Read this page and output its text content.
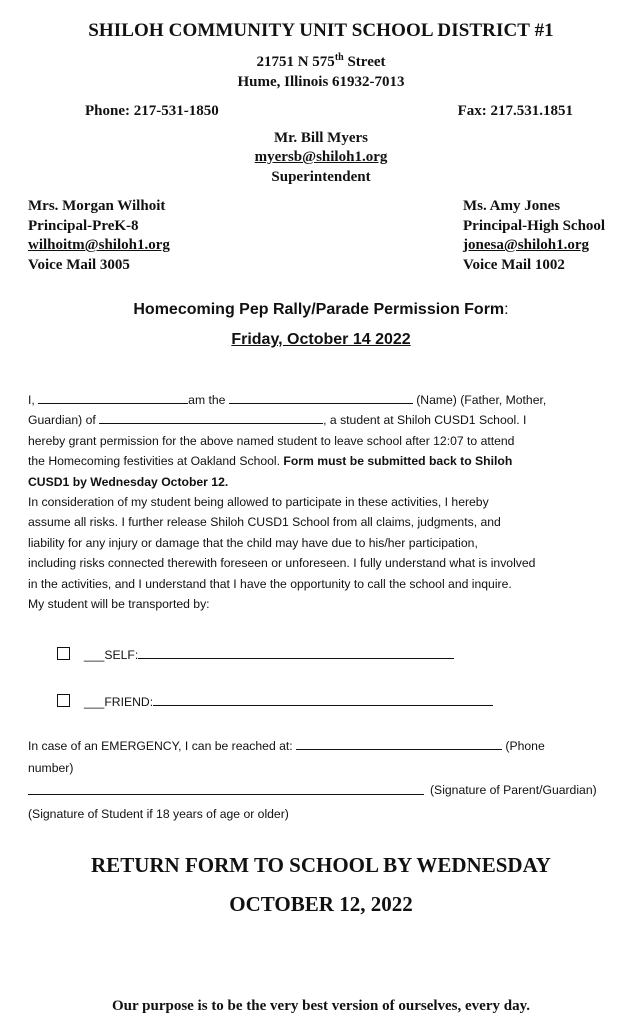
SHILOH COMMUNITY UNIT SCHOOL DISTRICT #1
21751 N 575th Street
Hume, Illinois 61932-7013
Phone: 217-531-1850	Fax: 217.531.1851
Mr. Bill Myers
myersb@shiloh1.org
Superintendent
Mrs. Morgan Wilhoit
Principal-PreK-8
wilhoitm@shiloh1.org
Voice Mail 3005
Ms. Amy Jones
Principal-High School
jonesa@shiloh1.org
Voice Mail 1002
Homecoming Pep Rally/Parade Permission Form:
Friday, October 14 2022
I,	am the	(Name) (Father, Mother,
Guardian) of	, a student at Shiloh CUSD1 School. I
hereby grant permission for the above named student to leave school after 12:07 to attend
the Homecoming festivities at Oakland School. Form must be submitted back to Shiloh
CUSD1 by Wednesday October 12.
In consideration of my student being allowed to participate in these activities, I hereby
assume all risks. I further release Shiloh CUSD1 School from all claims, judgments, and
liability for any injury or damage that the child may have due to his/her participation,
including risks connected therewith foreseen or unforeseen. I fully understand what is involved
in the activities, and I understand that I have the opportunity to call the school and inquire.
My student will be transported by:
___SELF:
___FRIEND:
In case of an EMERGENCY, I can be reached at:	(Phone
number)
(Signature of Parent/Guardian)
(Signature of Student if 18 years of age or older)
RETURN FORM TO SCHOOL BY WEDNESDAY
OCTOBER 12, 2022
Our purpose is to be the very best version of ourselves, every day.
